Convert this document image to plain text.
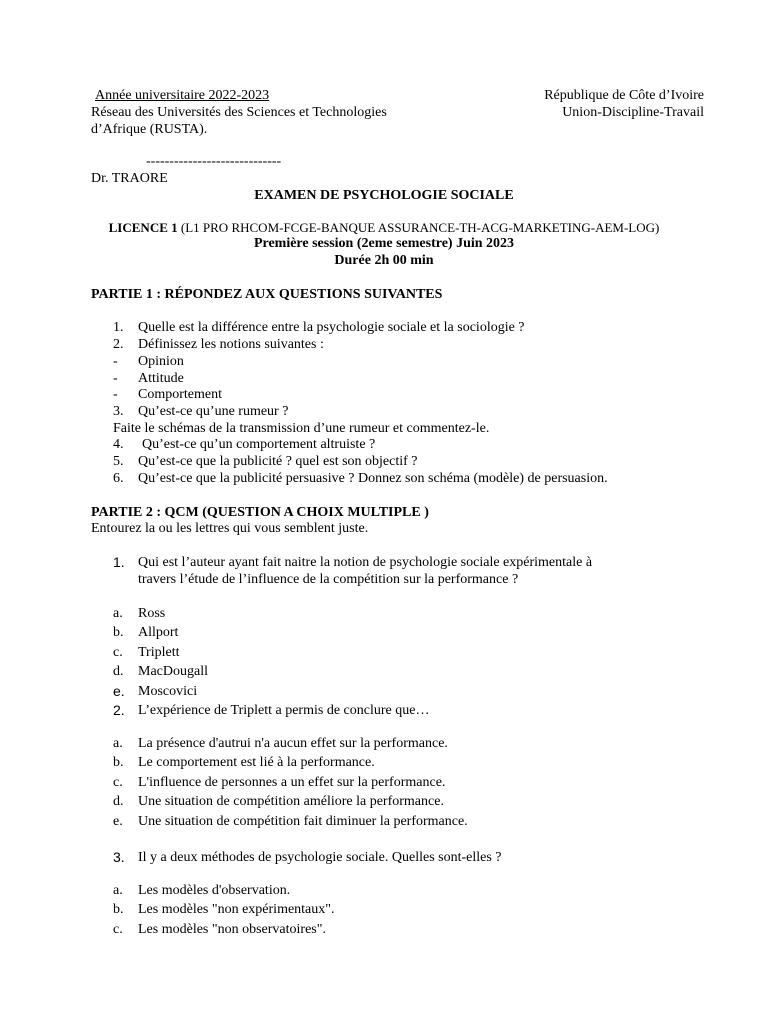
Année universitaire 2022-2023
Réseau des Universités des Sciences et Technologies
d’Afrique (RUSTA).
République de Côte d’Ivoire
Union-Discipline-Travail
-----------------------------
Dr. TRAORE
EXAMEN DE PSYCHOLOGIE SOCIALE
LICENCE 1 (L1 PRO RHCOM-FCGE-BANQUE ASSURANCE-TH-ACG-MARKETING-AEM-LOG)
Première session (2eme semestre) Juin 2023
Durée 2h 00 min
PARTIE 1 : RÉPONDEZ AUX QUESTIONS SUIVANTES
1. Quelle est la différence entre la psychologie sociale et la sociologie ?
2. Définissez les notions suivantes :
- Opinion
- Attitude
- Comportement
3. Qu’est-ce qu’une rumeur ?
Faite le schémas de la transmission d’une rumeur et commentez-le.
4. Qu’est-ce qu’un comportement altruiste ?
5. Qu’est-ce que la publicité ? quel est son objectif ?
6. Qu’est-ce que la publicité persuasive ? Donnez son schéma (modèle) de persuasion.
PARTIE 2 : QCM (QUESTION A CHOIX MULTIPLE )
Entourez la ou les lettres qui vous semblent juste.
1. Qui est l’auteur ayant fait naitre la notion de psychologie sociale expérimentale à
travers l’étude de l’influence de la compétition sur la performance ?
a. Ross
b. Allport
c. Triplett
d. MacDougall
e. Moscovici
2. L’expérience de Triplett a permis de conclure que…
a. La présence d'autrui n'a aucun effet sur la performance.
b. Le comportement est lié à la performance.
c. L'influence de personnes a un effet sur la performance.
d. Une situation de compétition améliore la performance.
e. Une situation de compétition fait diminuer la performance.
3. Il y a deux méthodes de psychologie sociale. Quelles sont-elles ?
a. Les modèles d'observation.
b. Les modèles "non expérimentaux".
c. Les modèles "non observatoires".
